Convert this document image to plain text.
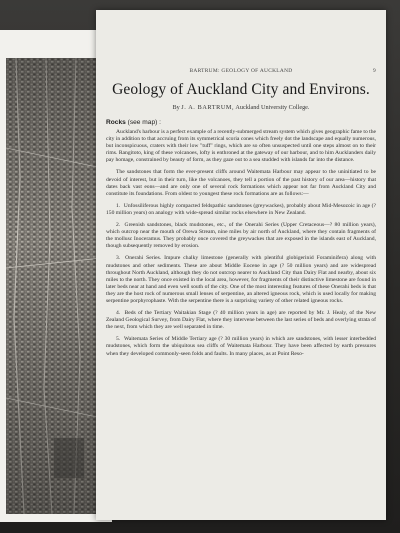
BARTRUM: GEOLOGY OF AUCKLAND	9
Geology of Auckland City and Environs.
By J. A. BARTRUM, Auckland University College.
Rocks (see map) :

Auckland's harbour is a perfect example of a recently-submerged stream system which gives geographic fame to the city in addition to that accruing from its symmetrical scoria cones which freely dot the landscape and equally numerous, but inconspicuous, craters with their low "tuff" rings, which are so often unsuspected until one steps almost on to their rims. Rangitoto, king of these volcanoes, lofty is enthroned at the gateway of our harbour, and to him Aucklanders daily pay homage, constrained by beauty of form, as they gaze out to a sea studded with islands far into the distance.

The sandstones that form the ever-present cliffs around Waitemata Harbour may appear to the uninitiated to be devoid of interest, but in their turn, like the volcanoes, they tell a portion of the past history of our area—history that dates back vast eons—and are only one of several rock formations which appear not far from Auckland City and constitute its foundations. From oldest to youngest these rock formations are as follows:—

1. Unfossiliferous highly compacted feldspathic sandstones (greywackes), probably about Mid-Mesozoic in age (? 150 million years) on analogy with wide-spread similar rocks elsewhere in New Zealand.

2. Greenish sandstones, black mudstones, etc., of the Onerahi Series (Upper Cretaceous—? 80 million years), which outcrop near the mouth of Orewa Stream, nine miles by air north of Auckland, where they contain fragments of the mollusc Inoceramus. They probably once covered the greywackes that are exposed in the islands east of Auckland, though subsequently removed by erosion.

3. Onerahi Series. Impure chalky limestone (generally with plentiful globigerinid Foraminifera) along with mudstones and other sediments. These are about Middle Eocene in age (? 50 million years) and are widespread throughout North Auckland, although they do not outcrop nearer to Auckland City than Dairy Flat and nearby, about six miles to the north. They once existed in the local area, however, for fragments of their distinctive limestone are found in later beds near at hand and even well south of the city. One of the most interesting features of these Onerahi beds is that they are the host rock of numerous small lenses of serpentine, an altered igneous rock, which is used locally for making serpentine porphyrophaste. With the serpentine there is a surprising variety of other related igneous rocks.

4. Beds of the Tertiary Waitakian Stage (? 40 million years in age) are reported by Mr. J. Healy, of the New Zealand Geological Survey, from Dairy Flat, where they intervene between the last series of beds and overlying strata of the next, from which they are well separated in time.

5. Waitemata Series of Middle Tertiary age (? 30 million years) in which are sandstones, with lesser interbedded mudstones, which form the ubiquitous sea cliffs of Waitemata Harbour. They have been affected by earth pressures when they developed commonly-seen folds and faults. In many places, as at Point Reso-
